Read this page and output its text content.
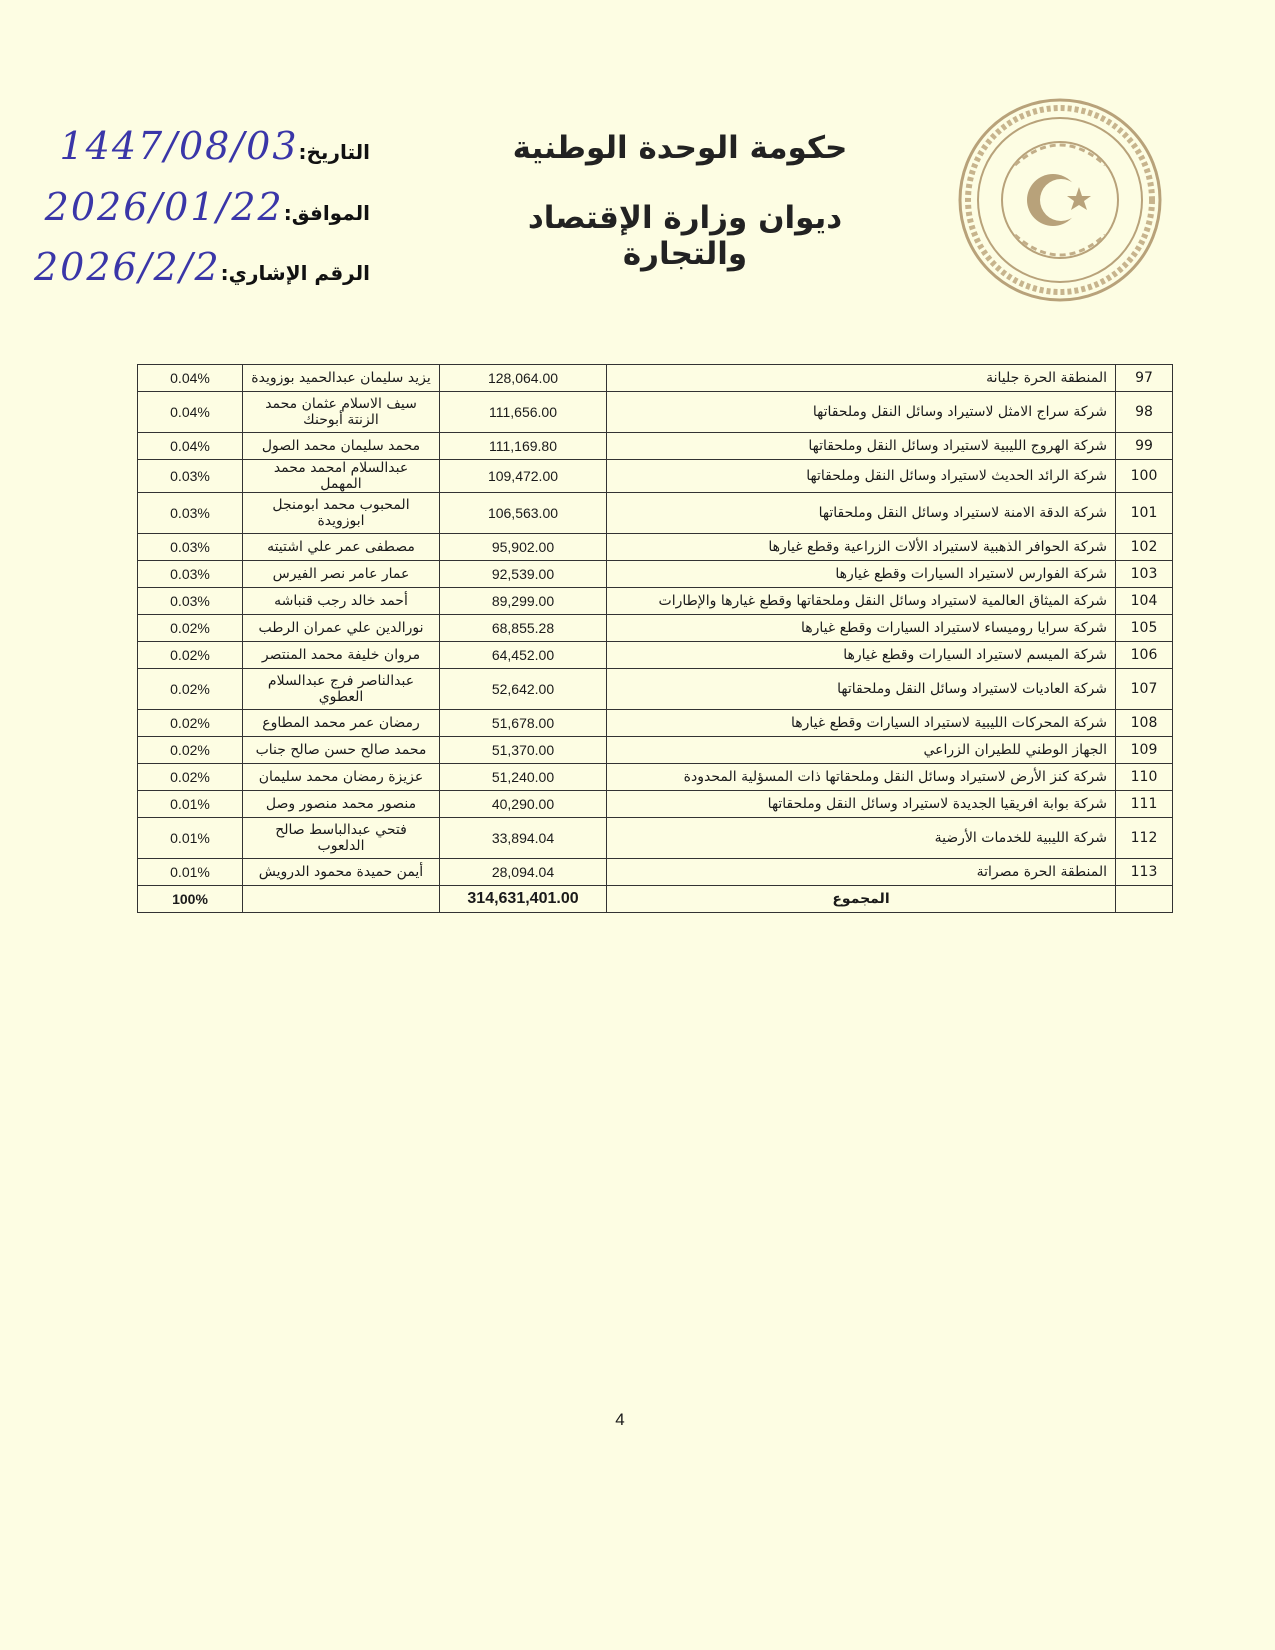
حكومة الوحدة الوطنية
ديوان وزارة الإقتصاد والتجارة
التاريخ:
1447/08/03
الموافق:
2026/01/22
الرقم الإشاري:
2026/2/2
97	المنطقة الحرة جليانة	128,064.00	يزيد سليمان عبدالحميد بوزويدة	0.04%
98	شركة سراج الامثل لاستيراد وسائل النقل وملحقاتها	111,656.00	سيف الاسلام عثمان محمد الزنتة أبوحنك	0.04%
99	شركة الهروج الليبية لاستيراد وسائل النقل وملحقاتها	111,169.80	محمد سليمان محمد الصول	0.04%
100	شركة الرائد الحديث لاستيراد وسائل النقل وملحقاتها	109,472.00	عبدالسلام امحمد محمد المهمل	0.03%
101	شركة الدقة الامنة لاستيراد وسائل النقل وملحقاتها	106,563.00	المحبوب محمد ابومنجل ابوزويدة	0.03%
102	شركة الحوافر الذهبية لاستيراد الألات الزراعية وقطع غيارها	95,902.00	مصطفى عمر علي اشتيته	0.03%
103	شركة الفوارس لاستيراد السيارات وقطع غيارها	92,539.00	عمار عامر نصر الفيرس	0.03%
104	شركة الميثاق العالمية لاستيراد وسائل النقل وملحقاتها وقطع غيارها والإطارات	89,299.00	أحمد خالد رجب قنباشه	0.03%
105	شركة سرايا روميساء لاستيراد السيارات وقطع غيارها	68,855.28	نورالدين علي عمران الرطب	0.02%
106	شركة الميسم لاستيراد السيارات وقطع غيارها	64,452.00	مروان خليفة محمد المنتصر	0.02%
107	شركة العاديات لاستيراد وسائل النقل وملحقاتها	52,642.00	عبدالناصر فرج عبدالسلام العطوي	0.02%
108	شركة المحركات الليبية لاستيراد السيارات وقطع غيارها	51,678.00	رمضان عمر محمد المطاوع	0.02%
109	الجهاز الوطني للطيران الزراعي	51,370.00	محمد صالح حسن صالح جناب	0.02%
110	شركة كنز الأرض لاستيراد وسائل النقل وملحقاتها ذات المسؤلية المحدودة	51,240.00	عزيزة رمضان محمد سليمان	0.02%
111	شركة بوابة افريقيا الجديدة لاستيراد وسائل النقل وملحقاتها	40,290.00	منصور محمد منصور وصل	0.01%
112	شركة الليبية للخدمات الأرضية	33,894.04	فتحي عبدالباسط صالح الدلعوب	0.01%
113	المنطقة الحرة مصراتة	28,094.04	أيمن حميدة محمود الدرويش	0.01%
	المجموع	314,631,401.00		100%
4
